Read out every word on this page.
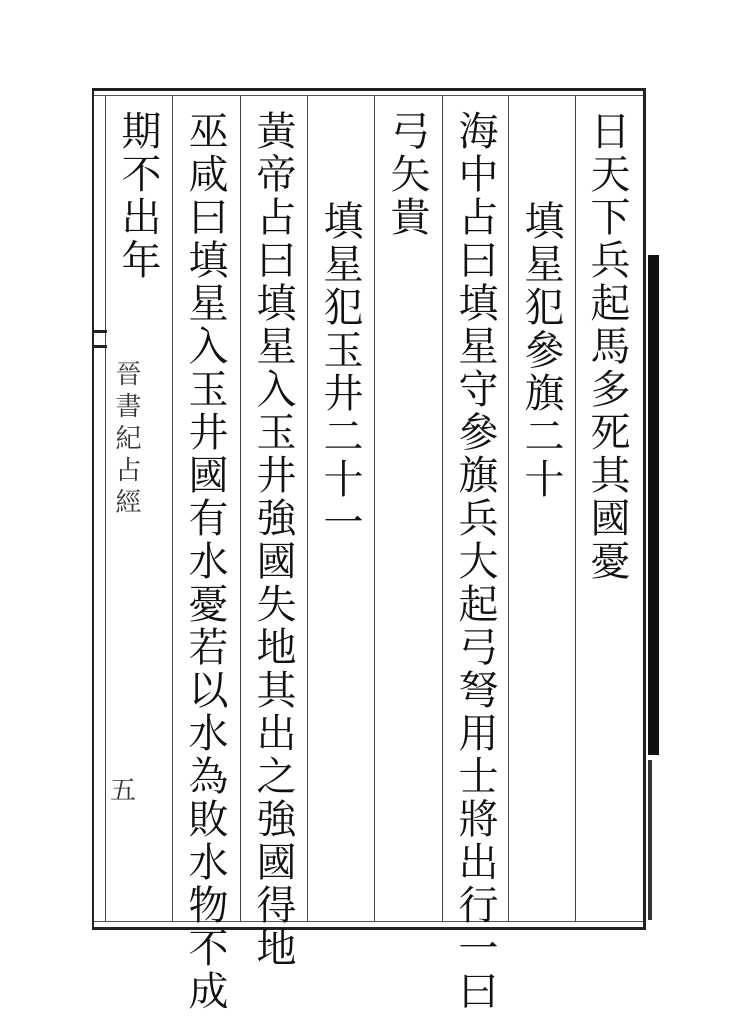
日天下兵起馬多死其國憂
填星犯參旗二十
海中占曰填星守參旗兵大起弓弩用士將出行一曰
弓矢貴
填星犯玉井二十一
黃帝占曰填星入玉井強國失地其出之強國得地
巫咸曰填星入玉井國有水憂若以水為敗水物不成
期不出年
晉書紀占經
五
